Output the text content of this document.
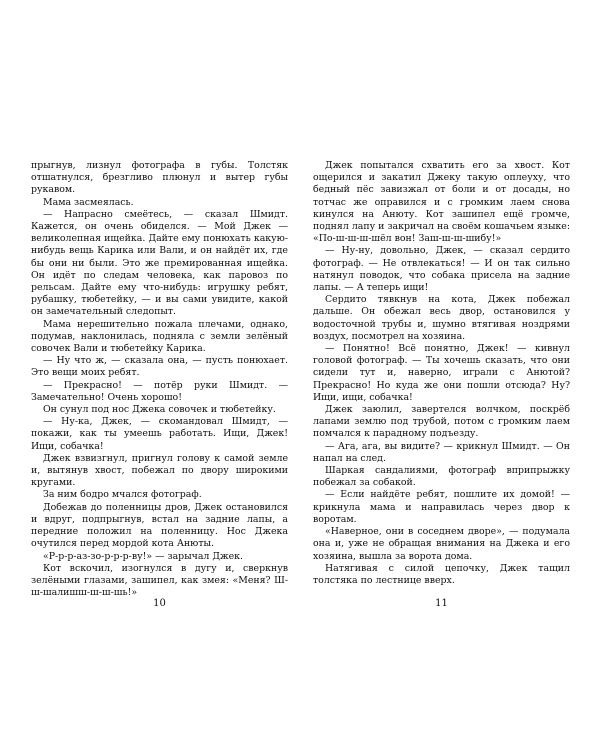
прыгнув, лизнул фотографа в губы. Толстяк отшатнулся, брезгливо плюнул и вытер губы рукавом.

Мама засмеялась.

— Напрасно смеётесь, — сказал Шмидт. Кажется, он очень обиделся. — Мой Джек — великолепная ищейка. Дайте ему понюхать какую-нибудь вещь Карика или Вали, и он найдёт их, где бы они ни были. Это же премированная ищейка. Он идёт по следам человека, как паровоз по рельсам. Дайте ему что-нибудь: игрушку ребят, рубашку, тюбетейку, — и вы сами увидите, какой он замечательный следопыт.

Мама нерешительно пожала плечами, однако, подумав, наклонилась, подняла с земли зелёный совочек Вали и тюбетейку Карика.

— Ну что ж, — сказала она, — пусть понюхает. Это вещи моих ребят.

— Прекрасно! — потёр руки Шмидт. — Замечательно! Очень хорошо!

Он сунул под нос Джека совочек и тюбетейку.

— Ну-ка, Джек, — скомандовал Шмидт, — покажи, как ты умеешь работать. Ищи, Джек! Ищи, собачка!

Джек взвизгнул, пригнул голову к самой земле и, вытянув хвост, побежал по двору широкими кругами.

За ним бодро мчался фотограф.

Добежав до поленницы дров, Джек остановился и вдруг, подпрыгнув, встал на задние лапы, а передние положил на поленницу. Нос Джека очутился перед мордой кота Анюты.

«Р-р-р-аз-зо-р-р-р-ву!» — зарычал Джек.

Кот вскочил, изогнулся в дугу и, сверкнув зелёными глазами, зашипел, как змея: «Меня? Ш-ш-шалишш-ш-ш-шь!»

10

Джек попытался схватить его за хвост. Кот ощерился и закатил Джеку такую оплеуху, что бедный пёс завизжал от боли и от досады, но тотчас же оправился и с громким лаем снова кинулся на Анюту. Кот зашипел ещё громче, поднял лапу и закричал на своём кошачьем языке: «По-ш-ш-ш-шёл вон! Заш-ш-ш-шибу!»

— Ну-ну, довольно, Джек, — сказал сердито фотограф. — Не отвлекаться! — И он так сильно натянул поводок, что собака присела на задние лапы. — А теперь ищи!

Сердито тявкнув на кота, Джек побежал дальше. Он обежал весь двор, остановился у водосточной трубы и, шумно втягивая ноздрями воздух, посмотрел на хозяина.

— Понятно! Всё понятно, Джек! — кивнул головой фотограф. — Ты хочешь сказать, что они сидели тут и, наверно, играли с Анютой? Прекрасно! Но куда же они пошли отсюда? Ну? Ищи, ищи, собачка!

Джек заюлил, завертелся волчком, поскрёб лапами землю под трубой, потом с громким лаем помчался к парадному подъезду.

— Ага, ага, вы видите? — крикнул Шмидт. — Он напал на след.

Шаркая сандалиями, фотограф вприпрыжку побежал за собакой.

— Если найдёте ребят, пошлите их домой! — крикнула мама и направилась через двор к воротам.

«Наверное, они в соседнем дворе», — подумала она и, уже не обращая внимания на Джека и его хозяина, вышла за ворота дома.

Натягивая с силой цепочку, Джек тащил толстяка по лестнице вверх.

11
